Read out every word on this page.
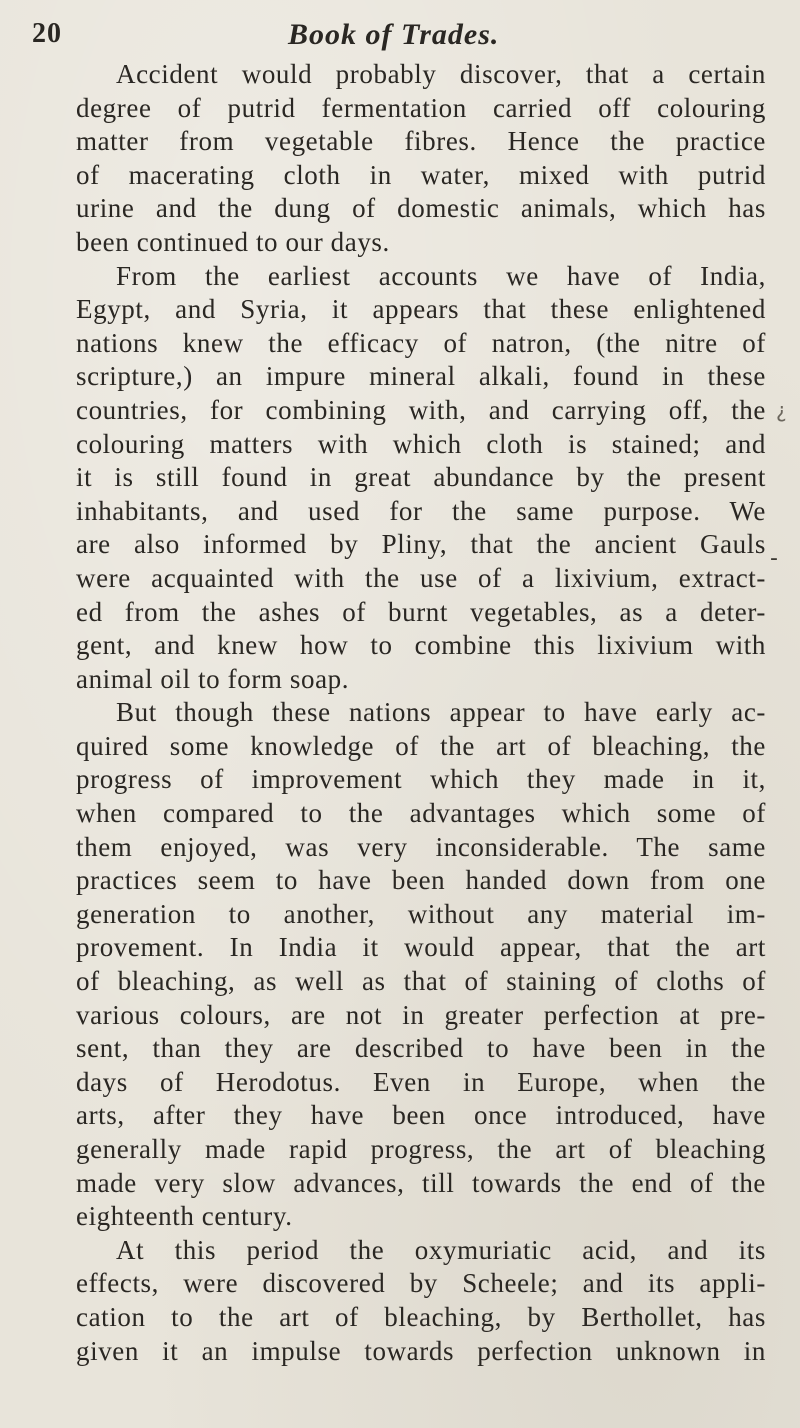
20	Book of Trades.
Accident would probably discover, that a certain
degree of putrid fermentation carried off colouring
matter from vegetable fibres. Hence the practice
of macerating cloth in water, mixed with putrid
urine and the dung of domestic animals, which has
been continued to our days.
From the earliest accounts we have of India,
Egypt, and Syria, it appears that these enlightened
nations knew the efficacy of natron, (the nitre of
scripture,) an impure mineral alkali, found in these
countries, for combining with, and carrying off, the
colouring matters with which cloth is stained; and
it is still found in great abundance by the present
inhabitants, and used for the same purpose. We
are also informed by Pliny, that the ancient Gauls
were acquainted with the use of a lixivium, extract-
ed from the ashes of burnt vegetables, as a deter-
gent, and knew how to combine this lixivium with
animal oil to form soap.
But though these nations appear to have early ac-
quired some knowledge of the art of bleaching, the
progress of improvement which they made in it,
when compared to the advantages which some of
them enjoyed, was very inconsiderable. The same
practices seem to have been handed down from one
generation to another, without any material im-
provement. In India it would appear, that the art
of bleaching, as well as that of staining of cloths of
various colours, are not in greater perfection at pre-
sent, than they are described to have been in the
days of Herodotus. Even in Europe, when the
arts, after they have been once introduced, have
generally made rapid progress, the art of bleaching
made very slow advances, till towards the end of the
eighteenth century.
At this period the oxymuriatic acid, and its
effects, were discovered by Scheele; and its appli-
cation to the art of bleaching, by Berthollet, has
given it an impulse towards perfection unknown in
¿
-
